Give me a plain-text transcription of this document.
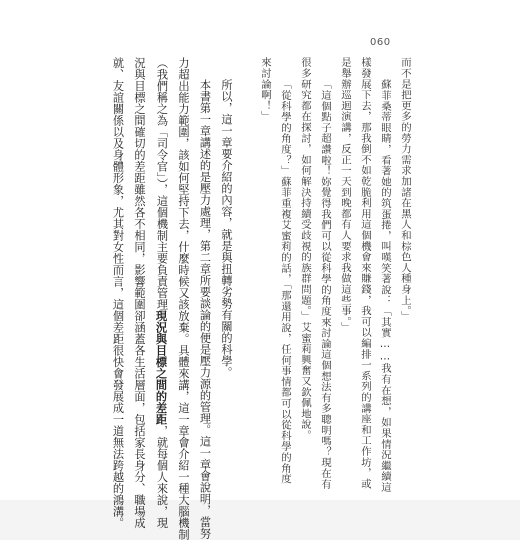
060
而不是把更多的勞力需求加諸在黑人和棕色人種身上。」
蘇菲桑蒂眼睛，看著她的筑蛋捲，叫嘆笑著說：「其實……我有在想，如果情況繼續這
樣發展下去，那我倒不如乾脆利用這個機會來賺錢，我可以編排一系列的講座和工作坊，或
是舉辦巡迴演講，反正一天到晚都有人要求我做這些事。」
「這個點子超讚啦！妳覺得我們可以從科學的角度來討論這個想法有多聰明嗎？現在有
很多研究都在探討，如何解決持續受歧視的族群問題。」艾蜜莉興奮又欽佩地說。
「從科學的角度？」蘇菲重複艾蜜莉的話，「那還用說，任何事情都可以從科學的角度
來討論啊！」
所以，這一章要介紹的內容，就是與扭轉劣勢有關的科學。
本書第一章講述的是壓力處理，第二章所要談論的便是壓力源的管理。這一章會說明，當努
力超出能力範圍，該如何堅持下去，什麼時候又該放棄。具體來講，這一章會介紹一種大腦機制
（我們稱之為「司令官」），這個機制主要負責管理現況與目標之間的差距，就每個人來說，現
況與目標之間確切的差距雖然各不相同，影響範圍卻涵蓋各生活層面，包括家長身分、職場成
就、友誼關係以及身體形象，尤其對女性而言，這個差距很快會發展成一道無法跨越的鴻溝。
